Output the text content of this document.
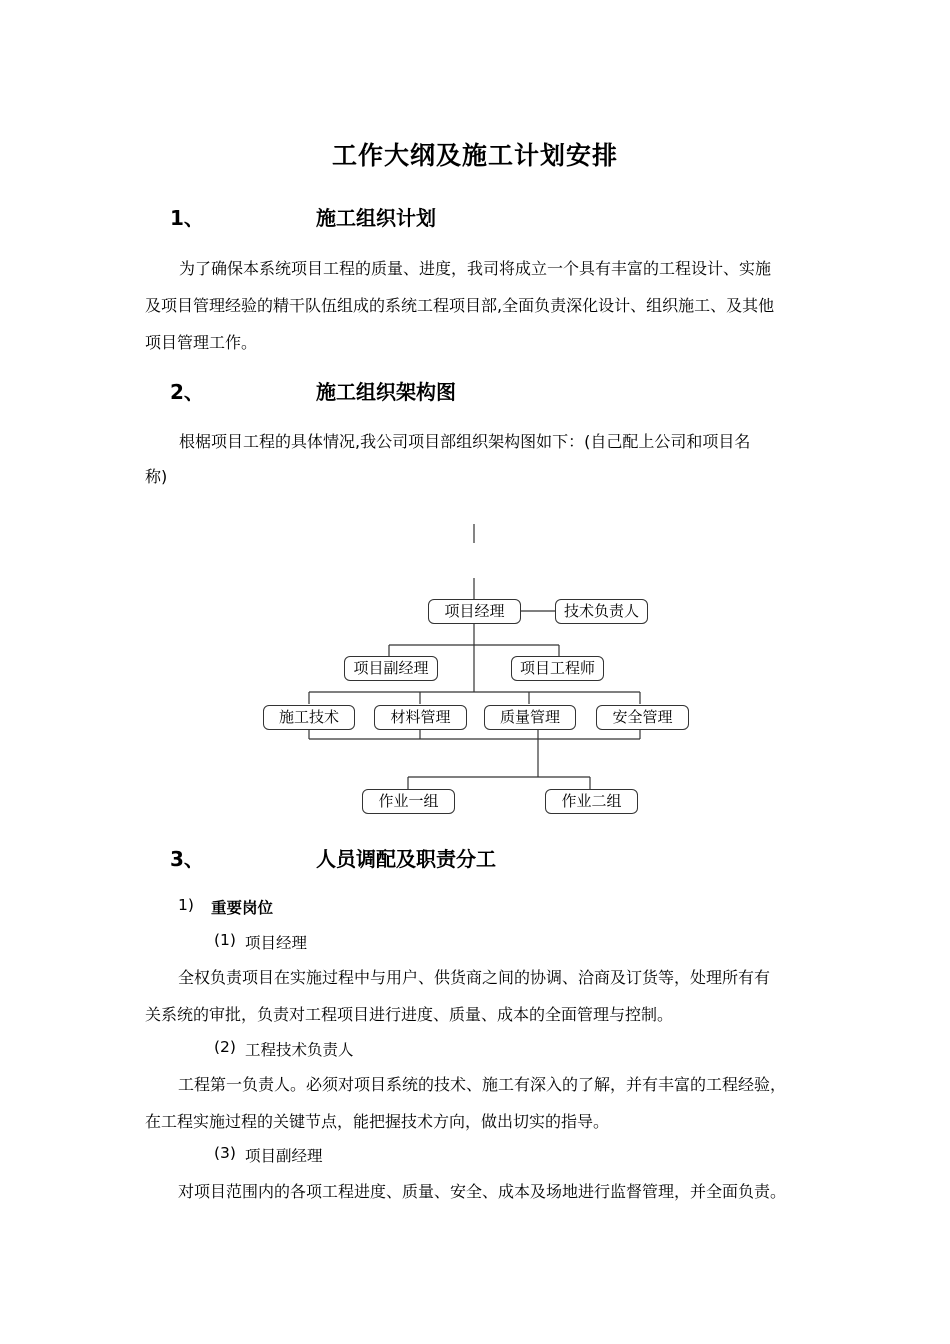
工作大纲及施工计划安排
1、	施工组织计划
为了确保本系统项目工程的质量、进度，我司将成立一个具有丰富的工程设计、实施
及项目管理经验的精干队伍组成的系统工程项目部,全面负责深化设计、组织施工、及其他
项目管理工作。
2、	施工组织架构图
根椐项目工程的具体情况,我公司项目部组织架构图如下：(自己配上公司和项目名
称)
项目经理	技术负责人
项目副经理	项目工程师
施工技术	材料管理	质量管理	安全管理
作业一组	作业二组
3、	人员调配及职责分工
1) 重要岗位
(1) 项目经理
全权负责项目在实施过程中与用户、供货商之间的协调、洽商及订货等，处理所有有
关系统的审批，负责对工程项目进行进度、质量、成本的全面管理与控制。
(2) 工程技术负责人
工程第一负责人。必须对项目系统的技术、施工有深入的了解，并有丰富的工程经验，
在工程实施过程的关键节点，能把握技术方向，做出切实的指导。
(3) 项目副经理
对项目范围内的各项工程进度、质量、安全、成本及场地进行监督管理，并全面负责。
